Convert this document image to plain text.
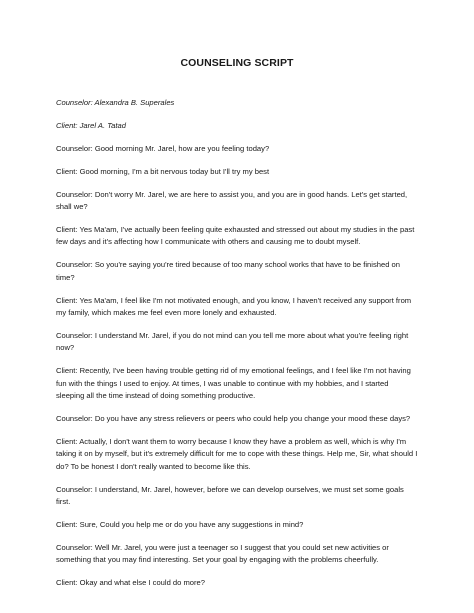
COUNSELING SCRIPT

Counselor: Alexandra B. Superales

Client: Jarel A. Tatad

Counselor: Good morning Mr. Jarel, how are you feeling today?

Client: Good morning, I'm a bit nervous today but I'll try my best

Counselor: Don't worry Mr. Jarel, we are here to assist you, and you are in good hands. Let's get started, shall we?

Client: Yes Ma'am, I've actually been feeling quite exhausted and stressed out about my studies in the past few days and it's affecting how I communicate with others and causing me to doubt myself.

Counselor: So you're saying you're tired because of too many school works that have to be finished on time?

Client: Yes Ma'am, I feel like I'm not motivated enough, and you know, I haven't received any support from my family, which makes me feel even more lonely and exhausted.

Counselor: I understand Mr. Jarel, if you do not mind can you tell me more about what you're feeling right now?

Client: Recently, I've been having trouble getting rid of my emotional feelings, and I feel like I'm not having fun with the things I used to enjoy. At times, I was unable to continue with my hobbies, and I started sleeping all the time instead of doing something productive.

Counselor: Do you have any stress relievers or peers who could help you change your mood these days?

Client: Actually, I don't want them to worry because I know they have a problem as well, which is why I'm taking it on by myself, but it's extremely difficult for me to cope with these things. Help me, Sir, what should I do? To be honest I don't really wanted to become like this.

Counselor: I understand, Mr. Jarel, however, before we can develop ourselves, we must set some goals first.

Client: Sure, Could you help me or do you have any suggestions in mind?

Counselor: Well Mr. Jarel, you were just a teenager so I suggest that you could set new activities or something that you may find interesting. Set your goal by engaging with the problems cheerfully.

Client: Okay and what else I could do more?
